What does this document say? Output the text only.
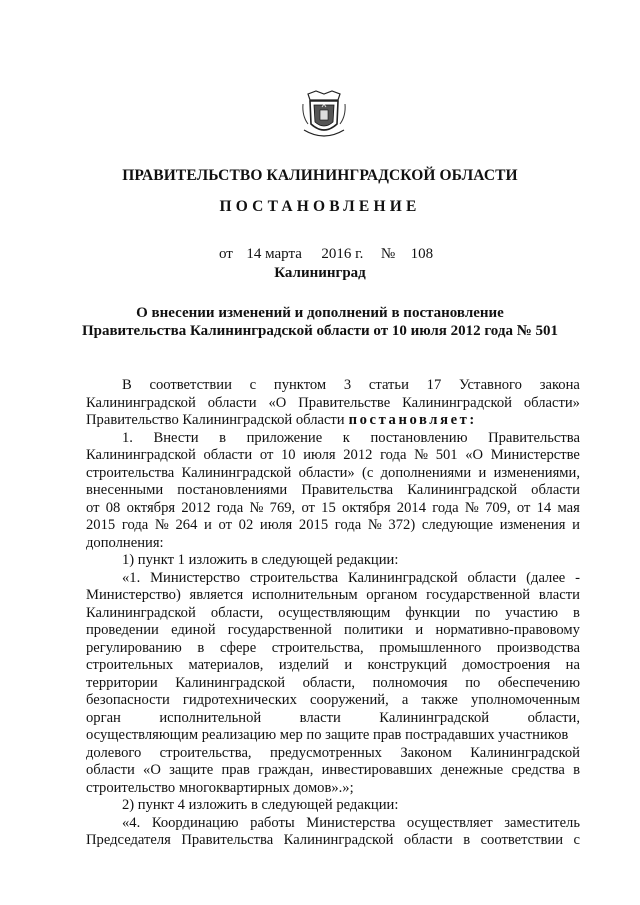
ПРАВИТЕЛЬСТВО КАЛИНИНГРАДСКОЙ ОБЛАСТИ
ПОСТАНОВЛЕНИЕ
от 14 марта 2016 г. № 108
Калининград
О внесении изменений и дополнений в постановление
Правительства Калининградской области от 10 июля 2012 года № 501
В соответствии с пунктом 3 статьи 17 Уставного закона
Калининградской области «О Правительстве Калининградской области»
Правительство Калининградской области постановляет:
1. Внести в приложение к постановлению Правительства
Калининградской области от 10 июля 2012 года № 501 «О Министерстве
строительства Калининградской области» (с дополнениями и изменениями,
внесенными постановлениями Правительства Калининградской области
от 08 октября 2012 года № 769, от 15 октября 2014 года № 709, от 14 мая
2015 года № 264 и от 02 июля 2015 года № 372) следующие изменения и
дополнения:
1) пункт 1 изложить в следующей редакции:
«1. Министерство строительства Калининградской области (далее -
Министерство) является исполнительным органом государственной власти
Калининградской области, осуществляющим функции по участию в
проведении единой государственной политики и нормативно-правовому
регулированию в сфере строительства, промышленного производства
строительных материалов, изделий и конструкций домостроения на
территории Калининградской области, полномочия по обеспечению
безопасности гидротехнических сооружений, а также уполномоченным
орган	исполнительной	власти	Калининградской	области,
осуществляющим реализацию мер по защите прав пострадавших участников
долевого строительства, предусмотренных Законом Калининградской
области «О защите прав граждан, инвестировавших денежные средства в
строительство многоквартирных домов».»;
2) пункт 4 изложить в следующей редакции:
«4. Координацию работы Министерства осуществляет заместитель
Председателя Правительства Калининградской области в соответствии с
